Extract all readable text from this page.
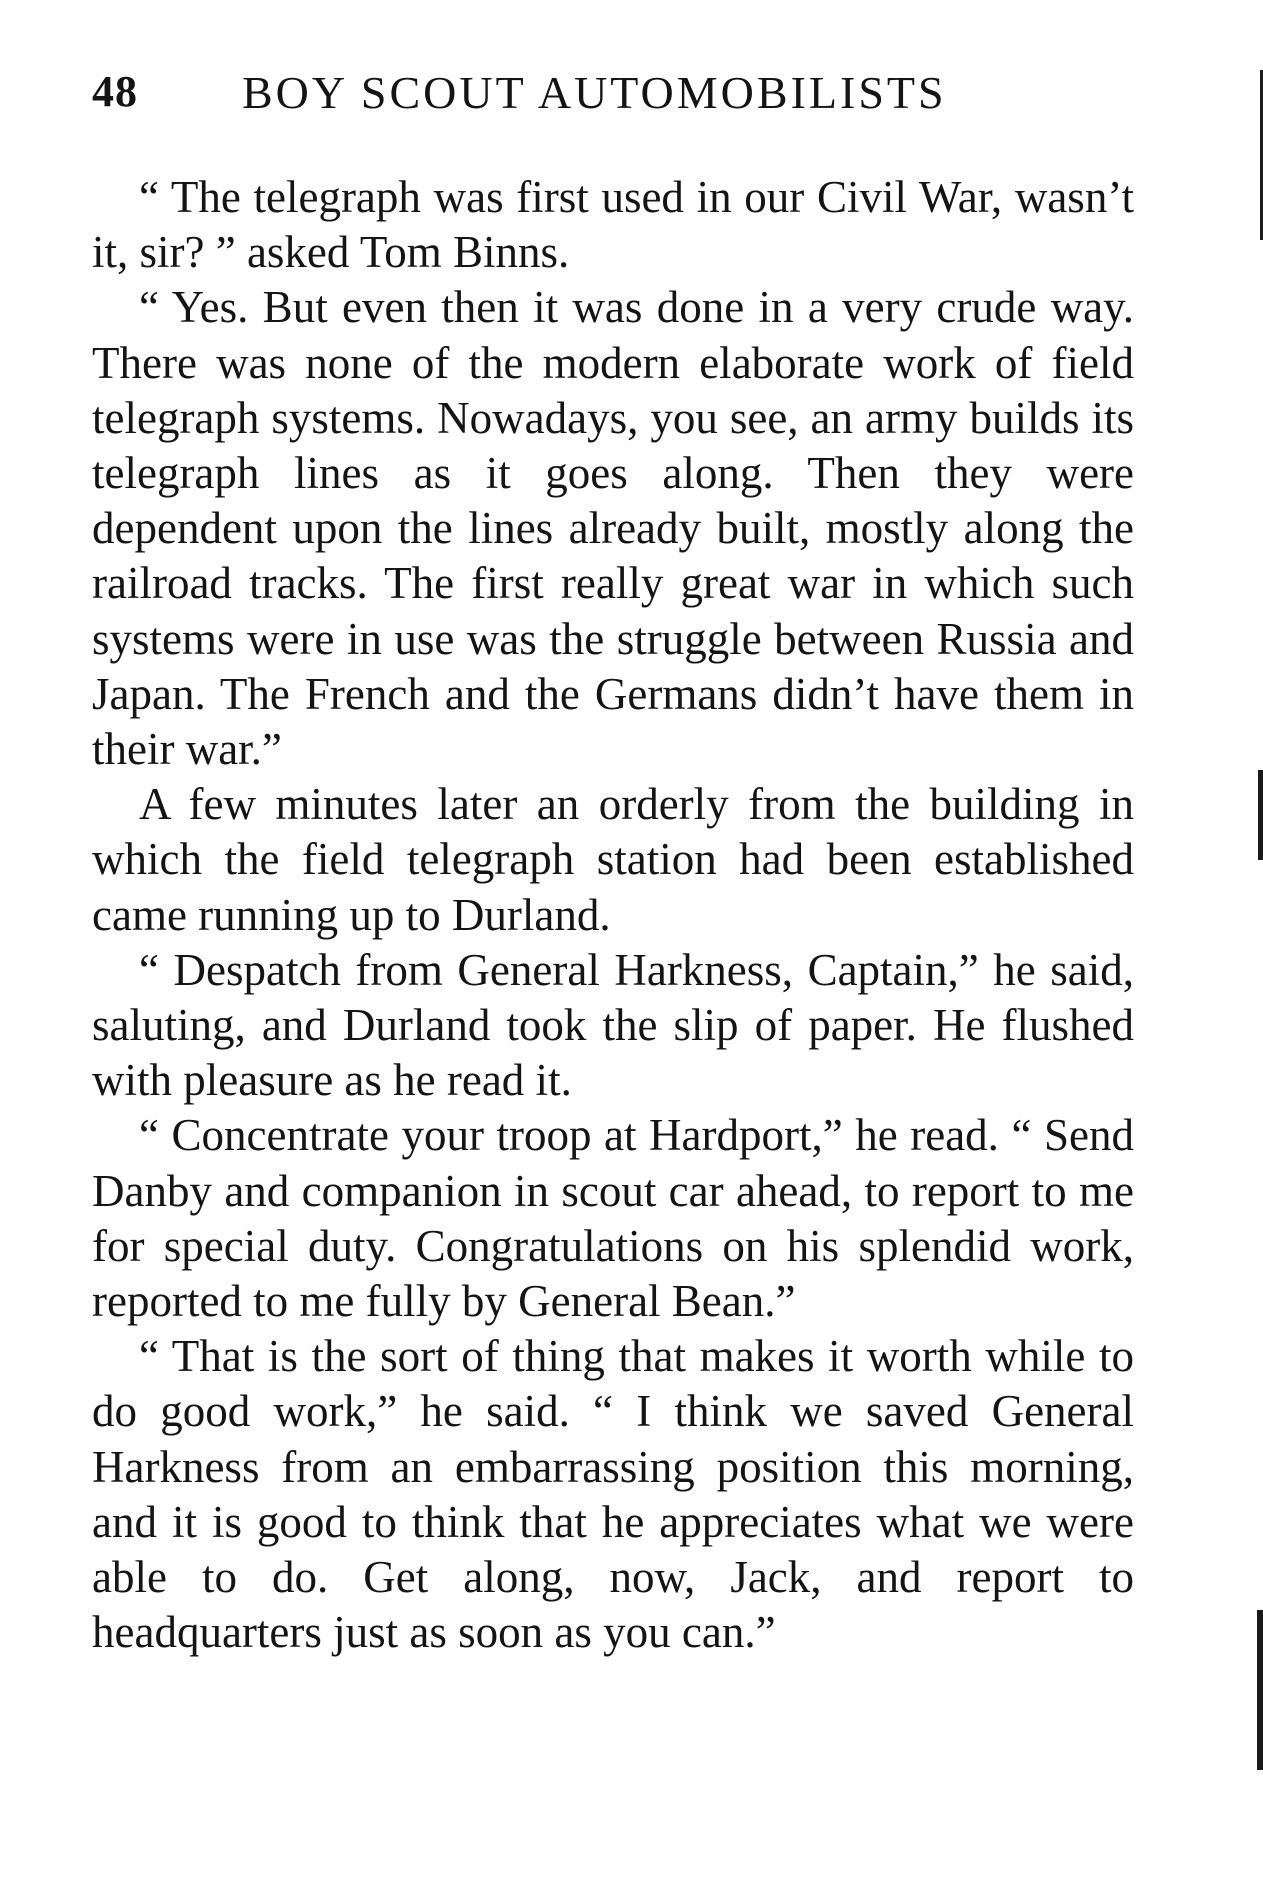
48 BOY SCOUT AUTOMOBILISTS

“ The telegraph was first used in our Civil War, wasn’t it, sir? ” asked Tom Binns.

“ Yes. But even then it was done in a very crude way. There was none of the modern elaborate work of field telegraph systems. Nowadays, you see, an army builds its telegraph lines as it goes along. Then they were dependent upon the lines already built, mostly along the railroad tracks. The first really great war in which such systems were in use was the struggle between Russia and Japan. The French and the Germans didn’t have them in their war.”

A few minutes later an orderly from the building in which the field telegraph station had been established came running up to Durland.

“ Despatch from General Harkness, Captain,” he said, saluting, and Durland took the slip of paper. He flushed with pleasure as he read it.

“ Concentrate your troop at Hardport,” he read. “ Send Danby and companion in scout car ahead, to report to me for special duty. Congratulations on his splendid work, reported to me fully by General Bean.”

“ That is the sort of thing that makes it worth while to do good work,” he said. “ I think we saved General Harkness from an embarrassing position this morning, and it is good to think that he appreciates what we were able to do. Get along, now, Jack, and report to headquarters just as soon as you can.”
